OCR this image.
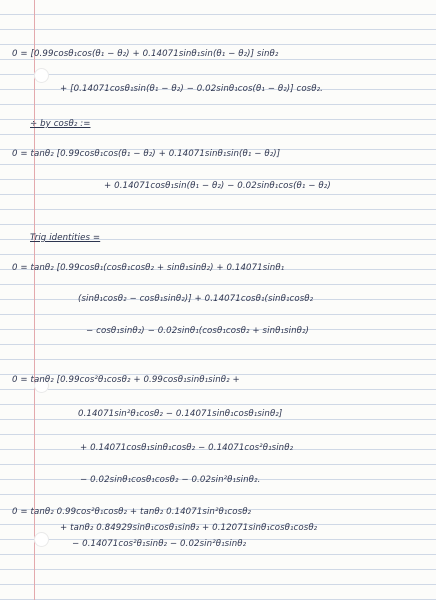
0 = [0.99cosθ₁cos(θ₁ − θ₂) + 0.14071sinθ₁sin(θ₁ − θ₂)] sinθ₂
+ [0.14071cosθ₁sin(θ₁ − θ₂) − 0.02sinθ₁cos(θ₁ − θ₂)] cosθ₂.
÷ by cosθ₂ :=
0 = tanθ₂ [0.99cosθ₁cos(θ₁ − θ₂) + 0.14071sinθ₁sin(θ₁ − θ₂)]
+ 0.14071cosθ₁sin(θ₁ − θ₂) − 0.02sinθ₁cos(θ₁ − θ₂)
Trig identities =
0 = tanθ₂ [0.99cosθ₁(cosθ₁cosθ₂ + sinθ₁sinθ₂) + 0.14071sinθ₁
(sinθ₁cosθ₂ − cosθ₁sinθ₂)] + 0.14071cosθ₁(sinθ₁cosθ₂
− cosθ₁sinθ₂) − 0.02sinθ₁(cosθ₁cosθ₂ + sinθ₁sinθ₂)
0 = tanθ₂ [0.99cos²θ₁cosθ₂ + 0.99cosθ₁sinθ₁sinθ₂ +
0.14071sin²θ₁cosθ₂ − 0.14071sinθ₁cosθ₁sinθ₂]
+ 0.14071cosθ₁sinθ₁cosθ₂ − 0.14071cos²θ₁sinθ₂
− 0.02sinθ₁cosθ₁cosθ₂ − 0.02sin²θ₁sinθ₂.
0 = tanθ₂ 0.99cos²θ₁cosθ₂ + tanθ₂ 0.14071sin²θ₁cosθ₂
+ tanθ₂ 0.84929sinθ₁cosθ₁sinθ₂ + 0.12071sinθ₁cosθ₁cosθ₂
− 0.14071cos²θ₁sinθ₂ − 0.02sin²θ₁sinθ₂
